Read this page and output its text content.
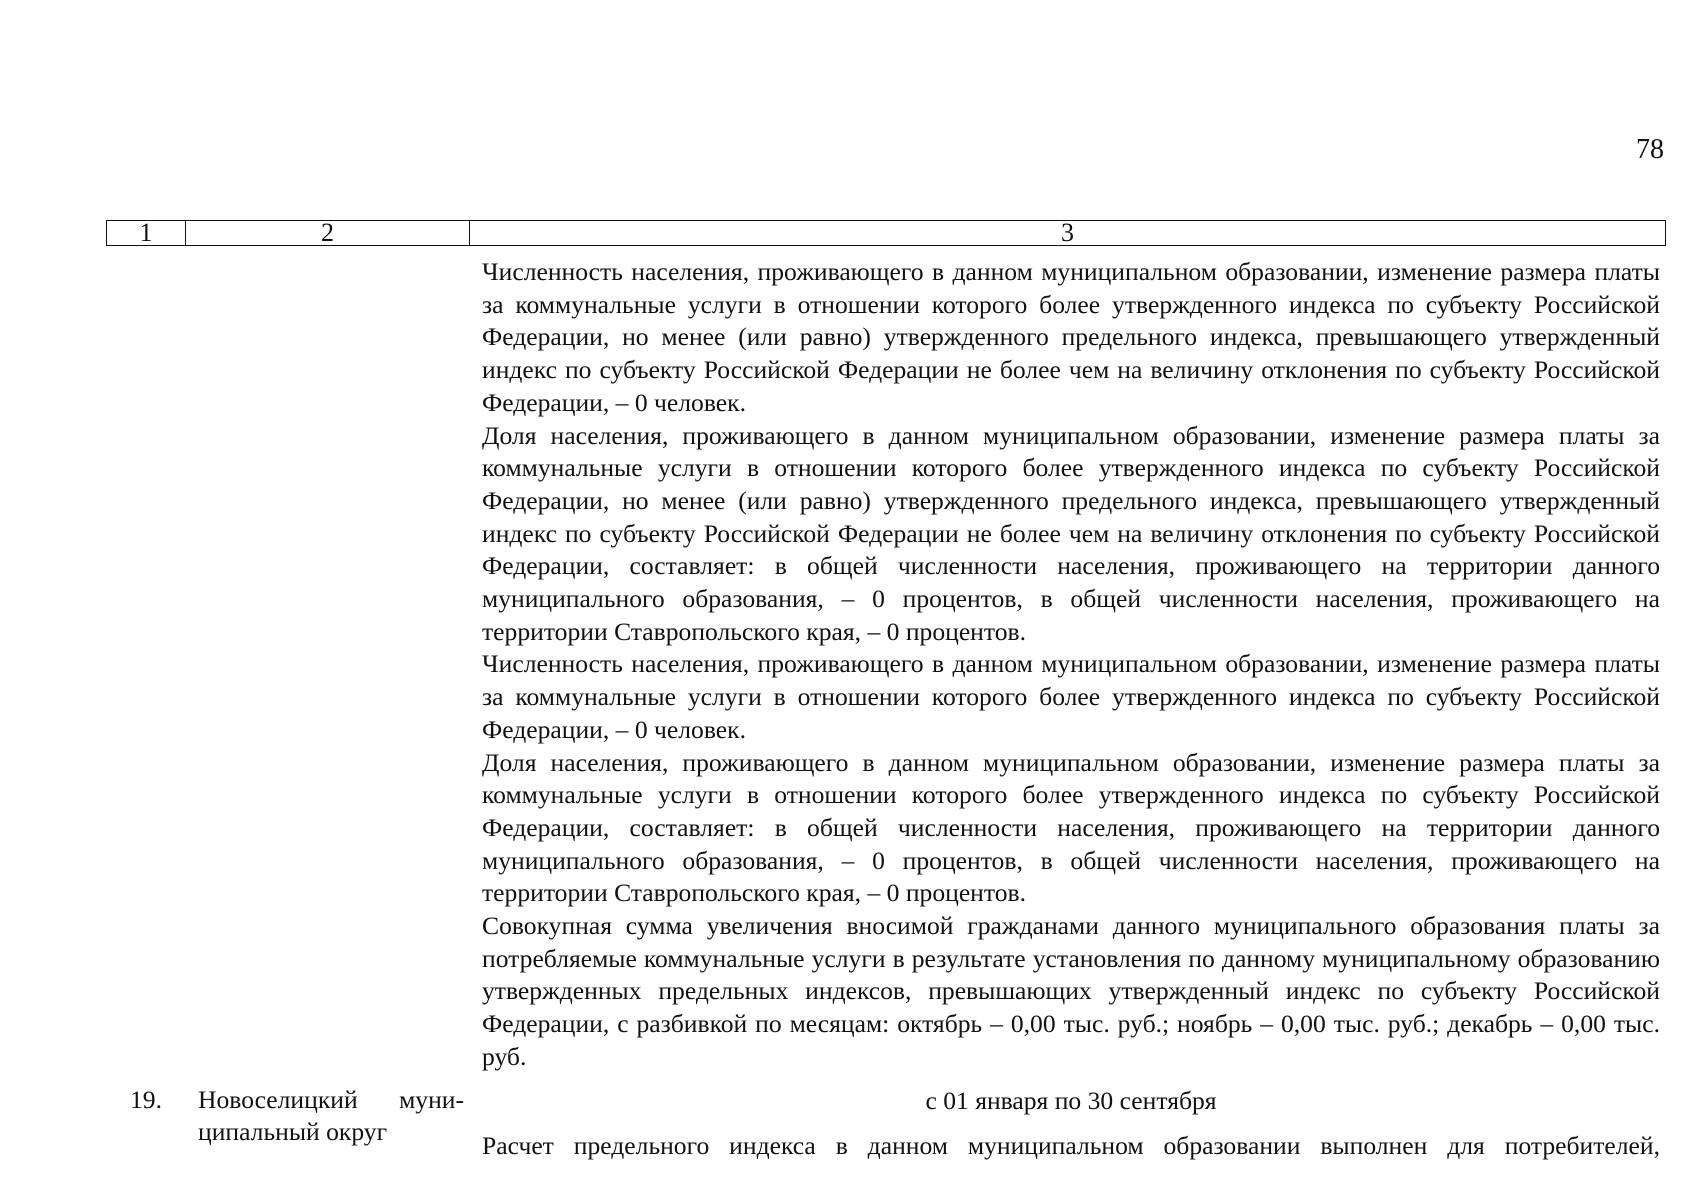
78
1	2	3

Численность населения, проживающего в данном муниципальном образовании, изменение размера платы за коммунальные услуги в отношении которого более утвержденного индекса по субъекту Российской Федерации, но менее (или равно) утвержденного предельного индекса, превышающего утвержденный индекс по субъекту Российской Федерации не более чем на величину отклонения по субъекту Российской Федерации, – 0 человек.

Доля населения, проживающего в данном муниципальном образовании, изменение размера платы за коммунальные услуги в отношении которого более утвержденного индекса по субъекту Российской Федерации, но менее (или равно) утвержденного предельного индекса, превышающего утвержденный индекс по субъекту Российской Федерации не более чем на величину отклонения по субъекту Российской Федерации, составляет: в общей численности населения, проживающего на территории данного муниципального образования, – 0 процентов, в общей численности населения, проживающего на территории Ставропольского края, – 0 процентов.

Численность населения, проживающего в данном муниципальном образовании, изменение размера платы за коммунальные услуги в отношении которого более утвержденного индекса по субъекту Российской Федерации, – 0 человек.

Доля населения, проживающего в данном муниципальном образовании, изменение размера платы за коммунальные услуги в отношении которого более утвержденного индекса по субъекту Российской Федерации, составляет: в общей численности населения, проживающего на территории данного муниципального образования, – 0 процентов, в общей численности населения, проживающего на территории Ставропольского края, – 0 процентов.

Совокупная сумма увеличения вносимой гражданами данного муниципального образования платы за потребляемые коммунальные услуги в результате установления по данному муниципальному образованию утвержденных предельных индексов, превышающих утвержденный индекс по субъекту Российской Федерации, с разбивкой по месяцам: октябрь – 0,00 тыс. руб.; ноябрь – 0,00 тыс. руб.; декабрь – 0,00 тыс. руб.

19. Новоселицкий муниципальный округ
с 01 января по 30 сентября
Расчет предельного индекса в данном муниципальном образовании выполнен для потребителей,
